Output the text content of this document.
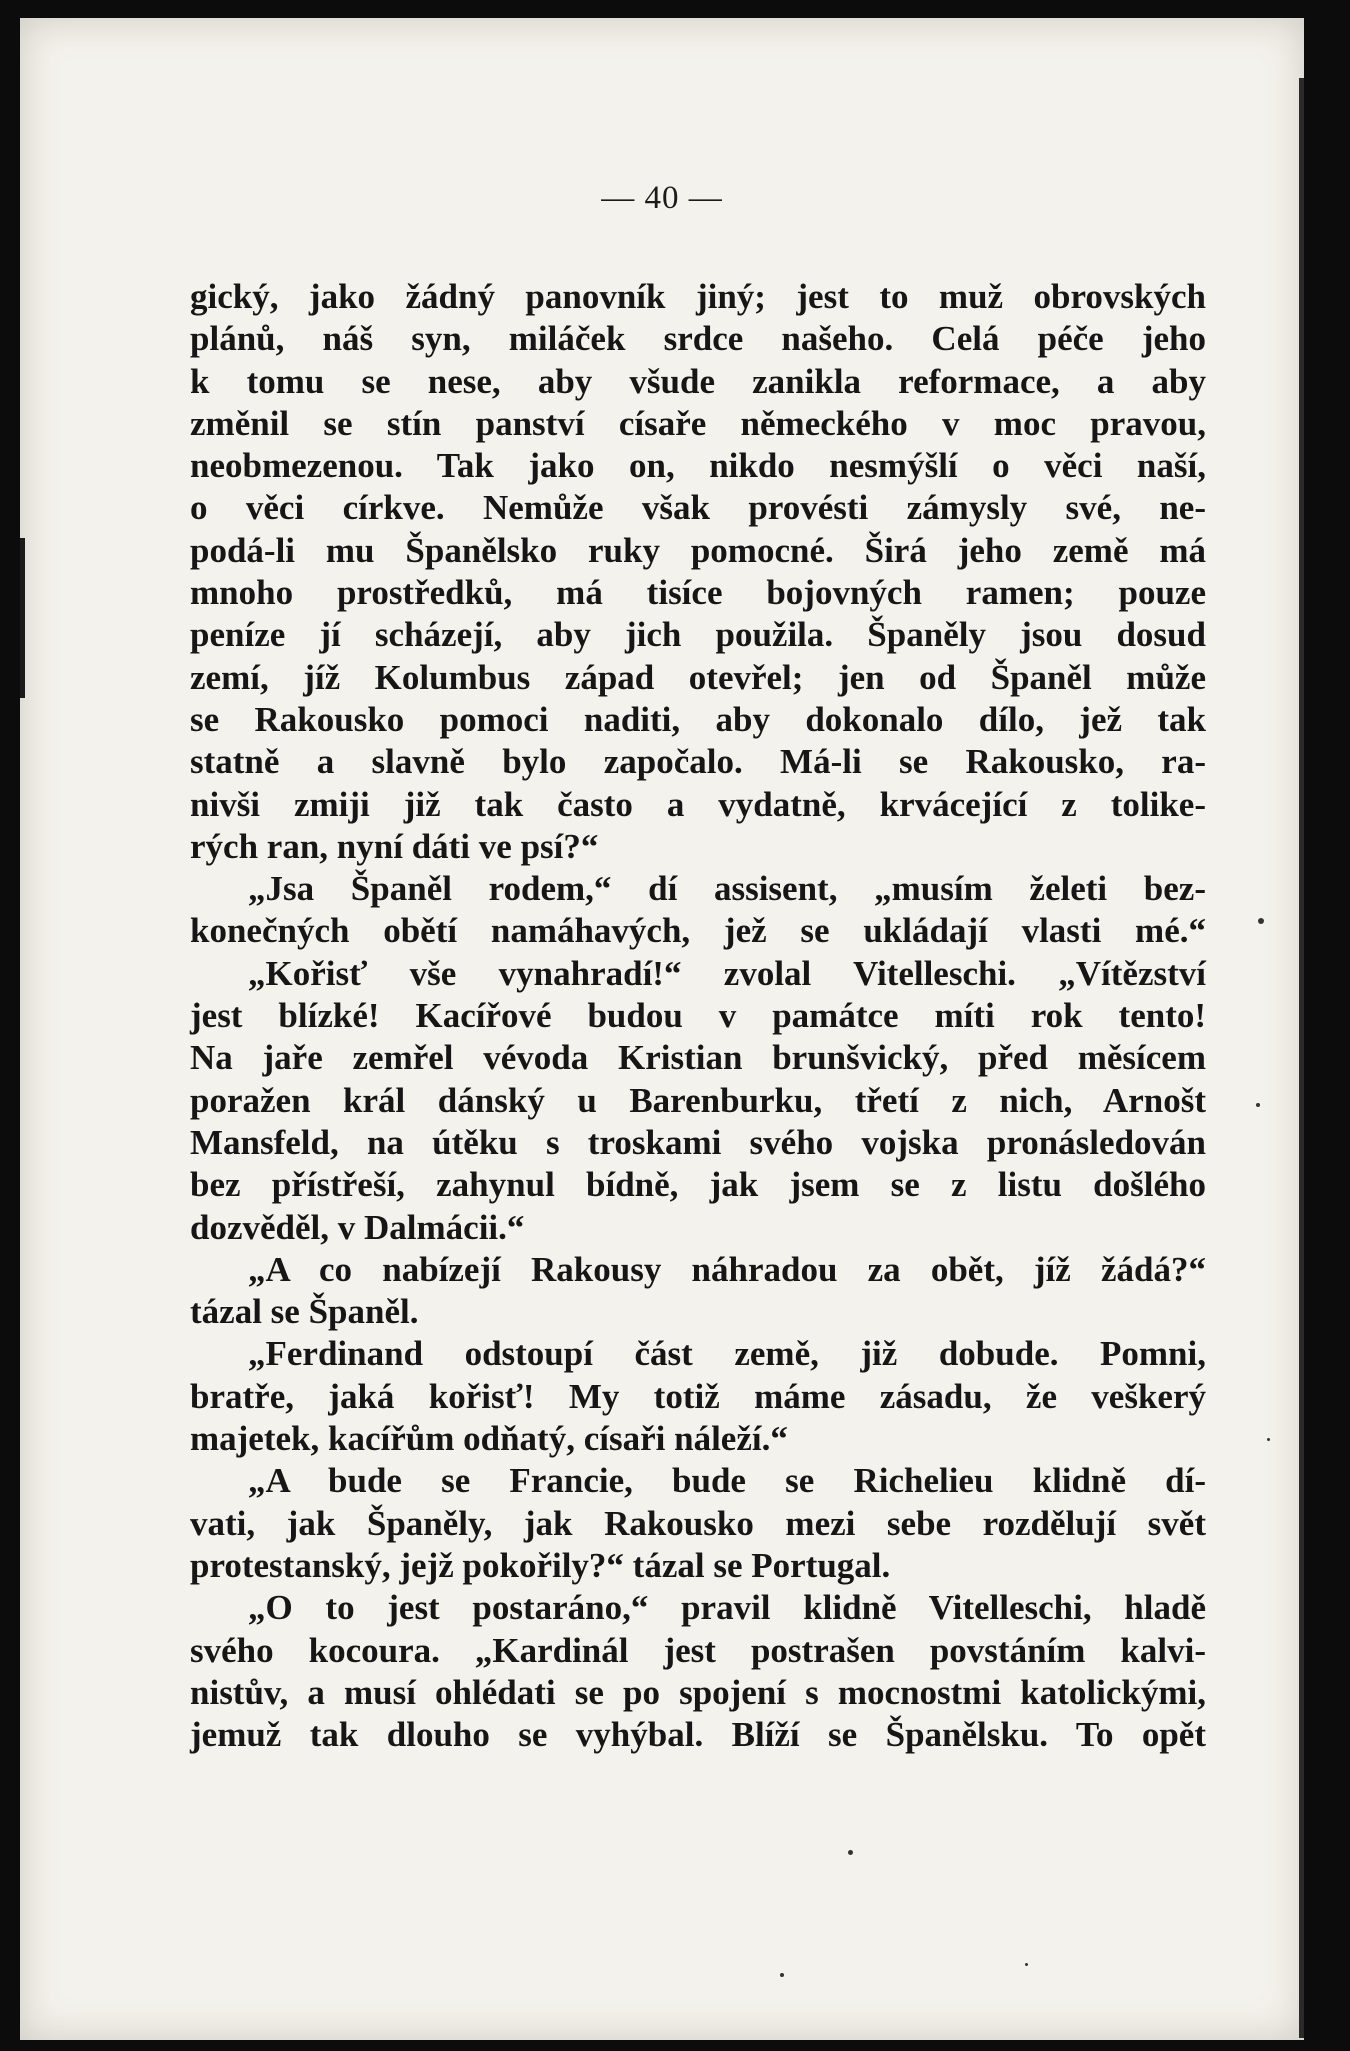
— 40 —
gický, jako žádný panovník jiný; jest to muž obrovských
plánů, náš syn, miláček srdce našeho. Celá péče jeho
k tomu se nese, aby všude zanikla reformace, a aby
změnil se stín panství císaře německého v moc pravou,
neobmezenou. Tak jako on, nikdo nesmýšlí o věci naší,
o věci církve. Nemůže však provésti zámysly své, ne-
podá-li mu Španělsko ruky pomocné. Širá jeho země má
mnoho prostředků, má tisíce bojovných ramen; pouze
peníze jí scházejí, aby jich použila. Španěly jsou dosud
zemí, jíž Kolumbus západ otevřel; jen od Španěl může
se Rakousko pomoci naditi, aby dokonalo dílo, jež tak
statně a slavně bylo započalo. Má-li se Rakousko, ra-
nivši zmiji již tak často a vydatně, krvácející z tolike-
rých ran, nyní dáti ve psí?“
„Jsa Španěl rodem,“ dí assisent, „musím želeti bez-
konečných obětí namáhavých, jež se ukládají vlasti mé.“
„Kořisť vše vynahradí!“ zvolal Vitelleschi. „Vítězství
jest blízké! Kacířové budou v památce míti rok tento!
Na jaře zemřel vévoda Kristian brunšvický, před měsícem
poražen král dánský u Barenburku, třetí z nich, Arnošt
Mansfeld, na útěku s troskami svého vojska pronásledován
bez přístřeší, zahynul bídně, jak jsem se z listu došlého
dozvěděl, v Dalmácii.“
„A co nabízejí Rakousy náhradou za obět, jíž žádá?“
tázal se Španěl.
„Ferdinand odstoupí část země, již dobude. Pomni,
bratře, jaká kořisť! My totiž máme zásadu, že veškerý
majetek, kacířům odňatý, císaři náleží.“
„A bude se Francie, bude se Richelieu klidně dí-
vati, jak Španěly, jak Rakousko mezi sebe rozdělují svět
protestanský, jejž pokořily?“ tázal se Portugal.
„O to jest postaráno,“ pravil klidně Vitelleschi, hladě
svého kocoura. „Kardinál jest postrašen povstáním kalvi-
nistův, a musí ohlédati se po spojení s mocnostmi katolickými,
jemuž tak dlouho se vyhýbal. Blíží se Španělsku. To opět
